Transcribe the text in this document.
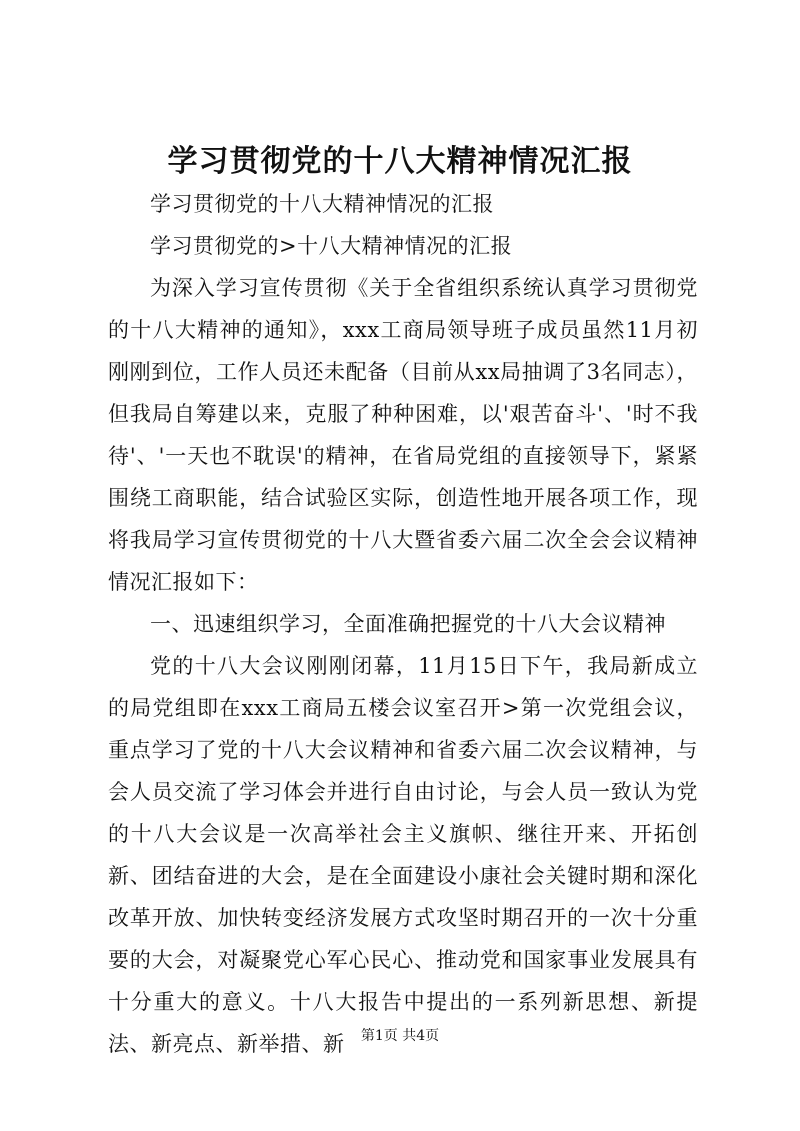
学习贯彻党的十八大精神情况汇报

学习贯彻党的十八大精神情况的汇报

学习贯彻党的>十八大精神情况的汇报

为深入学习宣传贯彻《关于全省组织系统认真学习贯彻党的十八大精神的通知》，xxx工商局领导班子成员虽然11月初刚刚到位，工作人员还未配备（目前从xx局抽调了3名同志），但我局自筹建以来，克服了种种困难，以'艰苦奋斗'、'时不我待'、'一天也不耽误'的精神，在省局党组的直接领导下，紧紧围绕工商职能，结合试验区实际，创造性地开展各项工作，现将我局学习宣传贯彻党的十八大暨省委六届二次全会会议精神情况汇报如下：

一、迅速组织学习，全面准确把握党的十八大会议精神

党的十八大会议刚刚闭幕，11月15日下午，我局新成立的局党组即在xxx工商局五楼会议室召开>第一次党组会议，重点学习了党的十八大会议精神和省委六届二次会议精神，与会人员交流了学习体会并进行自由讨论，与会人员一致认为党的十八大会议是一次高举社会主义旗帜、继往开来、开拓创新、团结奋进的大会，是在全面建设小康社会关键时期和深化改革开放、加快转变经济发展方式攻坚时期召开的一次十分重要的大会，对凝聚党心军心民心、推动党和国家事业发展具有十分重大的意义。十八大报告中提出的一系列新思想、新提法、新亮点、新举措、新	第1页 共4页
